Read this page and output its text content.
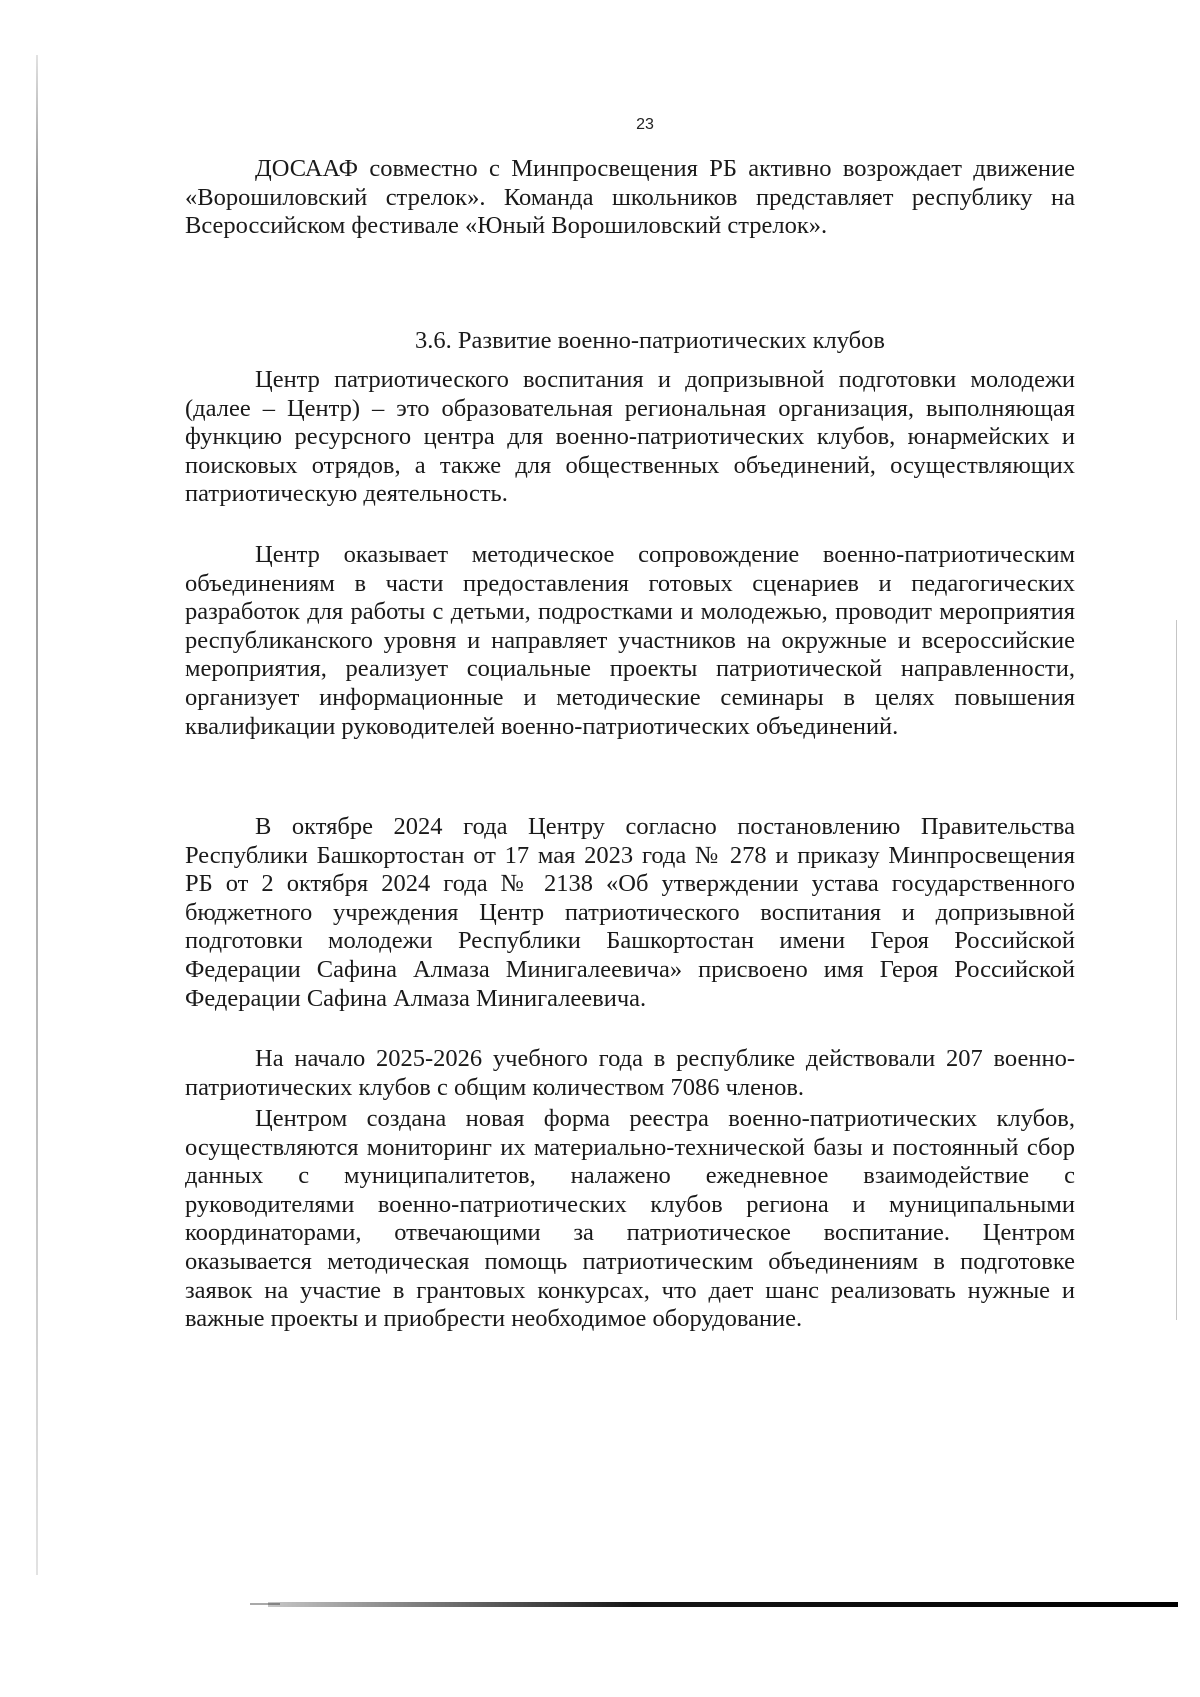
23

ДОСААФ совместно с Минпросвещения РБ активно возрождает движение «Ворошиловский стрелок». Команда школьников представляет республику на Всероссийском фестивале «Юный Ворошиловский стрелок».

3.6. Развитие военно-патриотических клубов

Центр патриотического воспитания и допризывной подготовки молодежи (далее – Центр) – это образовательная региональная организация, выполняющая функцию ресурсного центра для военно-патриотических клубов, юнармейских и поисковых отрядов, а также для общественных объединений, осуществляющих патриотическую деятельность.

Центр оказывает методическое сопровождение военно-патриотическим объединениям в части предоставления готовых сценариев и педагогических разработок для работы с детьми, подростками и молодежью, проводит мероприятия республиканского уровня и направляет участников на окружные и всероссийские мероприятия, реализует социальные проекты патриотической направленности, организует информационные и методические семинары в целях повышения квалификации руководителей военно-патриотических объединений.

В октябре 2024 года Центру согласно постановлению Правительства Республики Башкортостан от 17 мая 2023 года № 278 и приказу Минпросвещения РБ от 2 октября 2024 года № 2138 «Об утверждении устава государственного бюджетного учреждения Центр патриотического воспитания и допризывной подготовки молодежи Республики Башкортостан имени Героя Российской Федерации Сафина Алмаза Минигалеевича» присвоено имя Героя Российской Федерации Сафина Алмаза Минигалеевича.

На начало 2025-2026 учебного года в республике действовали 207 военно-патриотических клубов с общим количеством 7086 членов.

Центром создана новая форма реестра военно-патриотических клубов, осуществляются мониторинг их материально-технической базы и постоянный сбор данных с муниципалитетов, налажено ежедневное взаимодействие с руководителями военно-патриотических клубов региона и муниципальными координаторами, отвечающими за патриотическое воспитание. Центром оказывается методическая помощь патриотическим объединениям в подготовке заявок на участие в грантовых конкурсах, что дает шанс реализовать нужные и важные проекты и приобрести необходимое оборудование.
